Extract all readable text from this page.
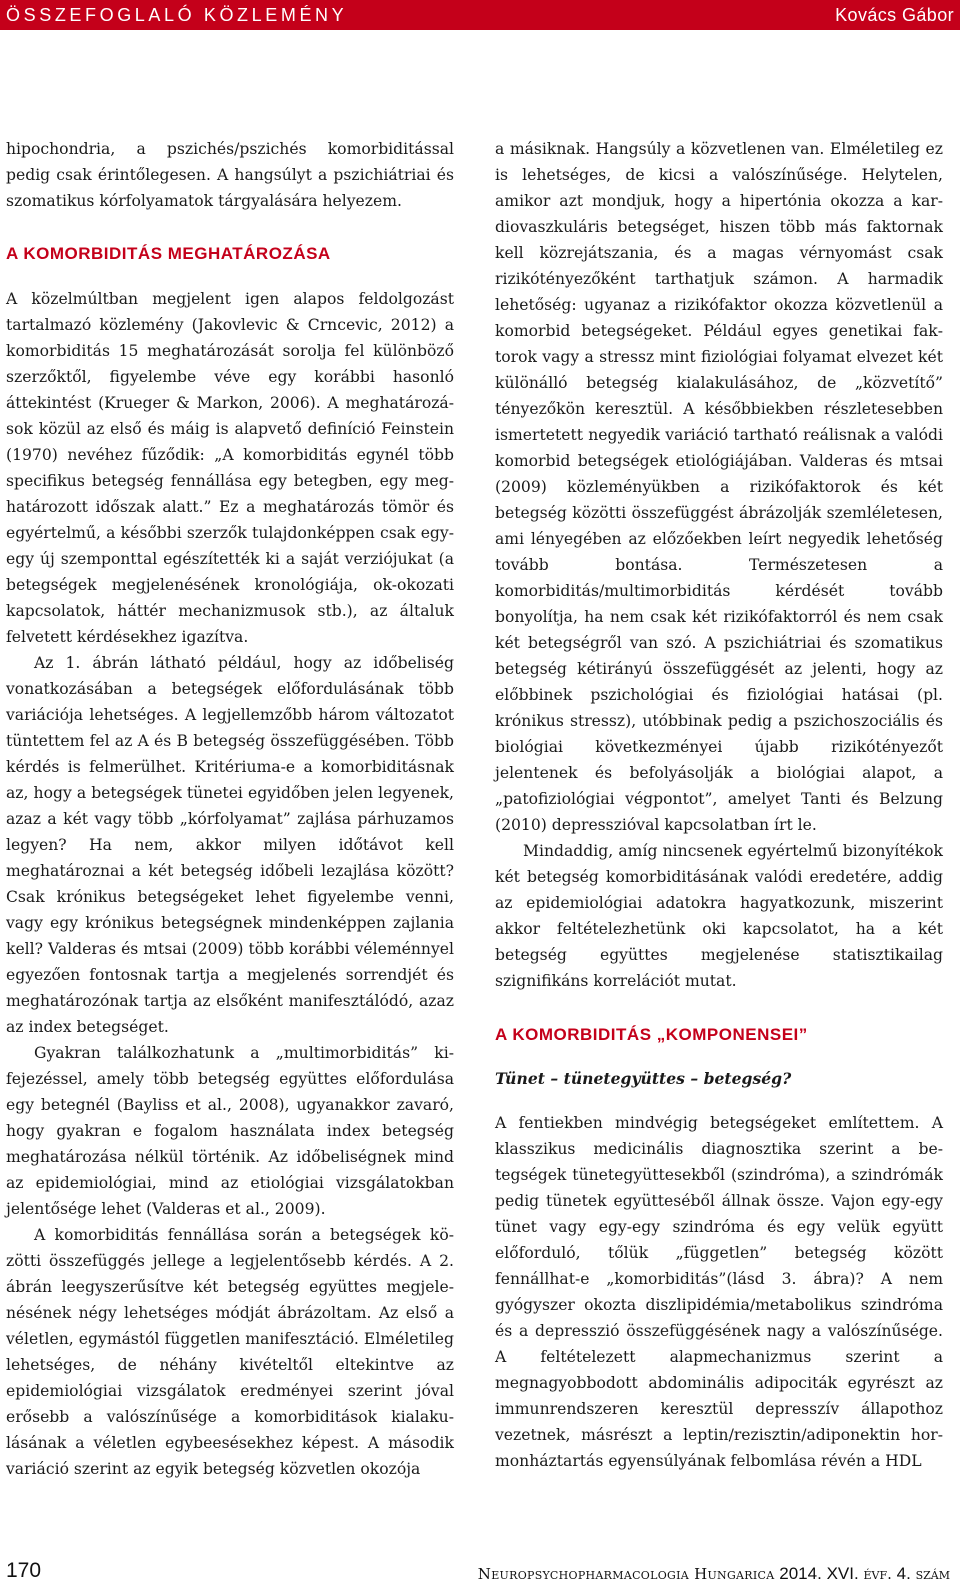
ÖSSZEFOGLALÓ KÖZLEMÉNY	Kovács Gábor

hipochondria, a pszichés/pszichés komorbiditással pedig csak érintőlegesen. A hangsúlyt a pszichiátriai és szomatikus kórfolyamatok tárgyalására helyezem.

A KOMORBIDITÁS MEGHATÁROZÁSA

A közelmúltban megjelent igen alapos feldolgozást tartalmazó közlemény (Jakovlevic & Crncevic, 2012) a komorbiditás 15 meghatározását sorolja fel különböző szerzőktől, figyelembe véve egy korábbi hasonló áttekintést (Krueger & Markon, 2006). A meghatározások közül az első és máig is alapvető definíció Feinstein (1970) nevéhez fűződik: „A komorbiditás egynél több specifikus betegség fennállása egy betegben, egy meghatározott időszak alatt.” Ez a meghatározás tömör és egyértelmű, a későbbi szerzők tulajdonképpen csak egy-egy új szemponttal egészítették ki a saját verziójukat (a betegségek megjelenésének kronológiája, ok-okozati kapcsolatok, háttér mechanizmusok stb.), az általuk felvetett kérdésekhez igazítva.

Az 1. ábrán látható például, hogy az időbeliség vonatkozásában a betegségek előfordulásának több variációja lehetséges. A legjellemzőbb három változatot tüntettem fel az A és B betegség összefüggésében. Több kérdés is felmerülhet. Kritériuma-e a komorbiditásnak az, hogy a betegségek tünetei egyidőben jelen legyenek, azaz a két vagy több „kórfolyamat” zajlása párhuzamos legyen? Ha nem, akkor milyen időtávot kell meghatároznai a két betegség időbeli lezajlása között? Csak krónikus betegségeket lehet figyelembe venni, vagy egy krónikus betegségnek mindenképpen zajlania kell? Valderas és mtsai (2009) több korábbi véleménnyel egyezően fontosnak tartja a megjelenés sorrendjét és meghatározónak tartja az elsőként manifesztálódó, azaz az index betegséget.

Gyakran találkozhatunk a „multimorbiditás” kifejezéssel, amely több betegség együttes előfordulása egy betegnél (Bayliss et al., 2008), ugyanakkor zavaró, hogy gyakran e fogalom használata index betegség meghatározása nélkül történik. Az időbeliségnek mind az epidemiológiai, mind az etiológiai vizsgálatokban jelentősége lehet (Valderas et al., 2009).

A komorbiditás fennállása során a betegségek közötti összefüggés jellege a legjelentősebb kérdés. A 2. ábrán leegyszerűsítve két betegség együttes megjelenésének négy lehetséges módját ábrázoltam. Az első a véletlen, egymástól független manifesztáció. Elméletileg lehetséges, de néhány kivételtől eltekintve az epidemiológiai vizsgálatok eredményei szerint jóval erősebb a valószínűsége a komorbiditások kialakulásának a véletlen egybeesésekhez képest. A második variáció szerint az egyik betegség közvetlen okozója

a másiknak. Hangsúly a közvetlenen van. Elméletileg ez is lehetséges, de kicsi a valószínűsége. Helytelen, amikor azt mondjuk, hogy a hipertónia okozza a kardiovaszkuláris betegséget, hiszen több más faktornak kell közrejátszania, és a magas vérnyomást csak rizikótényezőként tarthatjuk számon. A harmadik lehetőség: ugyanaz a rizikófaktor okozza közvetlenül a komorbid betegségeket. Például egyes genetikai faktorok vagy a stressz mint fiziológiai folyamat elvezet két különálló betegség kialakulásához, de „közvetítő” tényezőkön keresztül. A későbbiekben részletesebben ismertetett negyedik variáció tartható reálisnak a valódi komorbid betegségek etiológiájában. Valderas és mtsai (2009) közleményükben a rizikófaktorok és két betegség közötti összefüggést ábrázolják szemléletesen, ami lényegében az előzőekben leírt negyedik lehetőség tovább bontása. Természetesen a komorbiditás/multimorbiditás kérdését tovább bonyolítja, ha nem csak két rizikófaktorról és nem csak két betegségről van szó. A pszichiátriai és szomatikus betegség kétirányú összefüggését az jelenti, hogy az előbbinek pszichológiai és fiziológiai hatásai (pl. krónikus stressz), utóbbinak pedig a pszichoszociális és biológiai következményei újabb rizikótényezőt jelentenek és befolyásolják a biológiai alapot, a „patofiziológiai végpontot”, amelyet Tanti és Belzung (2010) depresszióval kapcsolatban írt le.

Mindaddig, amíg nincsenek egyértelmű bizonyítékok két betegség komorbiditásának valódi eredetére, addig az epidemiológiai adatokra hagyatkozunk, miszerint akkor feltételezhetünk oki kapcsolatot, ha a két betegség együttes megjelenése statisztikailag szignifikáns korrelációt mutat.

A KOMORBIDITÁS „KOMPONENSEI”
Tünet – tünetegyüttes – betegség?

A fentiekben mindvégig betegségeket említettem. A klasszikus medicinális diagnosztika szerint a betegségek tünetegyüttesekből (szindróma), a szindrómák pedig tünetek együtteséből állnak össze. Vajon egy-egy tünet vagy egy-egy szindróma és egy velük együtt előforduló, tőlük „független” betegség között fennállhat-e „komorbiditás”(lásd 3. ábra)? A nem gyógyszer okozta diszlipidémia/metabolikus szindróma és a depresszió összefüggésének nagy a valószínűsége. A feltételezett alapmechanizmus szerint a megnagyobbodott abdominális adipociták egyrészt az immunrendszeren keresztül depresszív állapothoz vezetnek, másrészt a leptin/rezisztin/adiponektin hormonháztartás egyensúlyának felbomlása révén a HDL

170	Neuropsychopharmacologia Hungarica 2014. XVI. évf. 4. szám
